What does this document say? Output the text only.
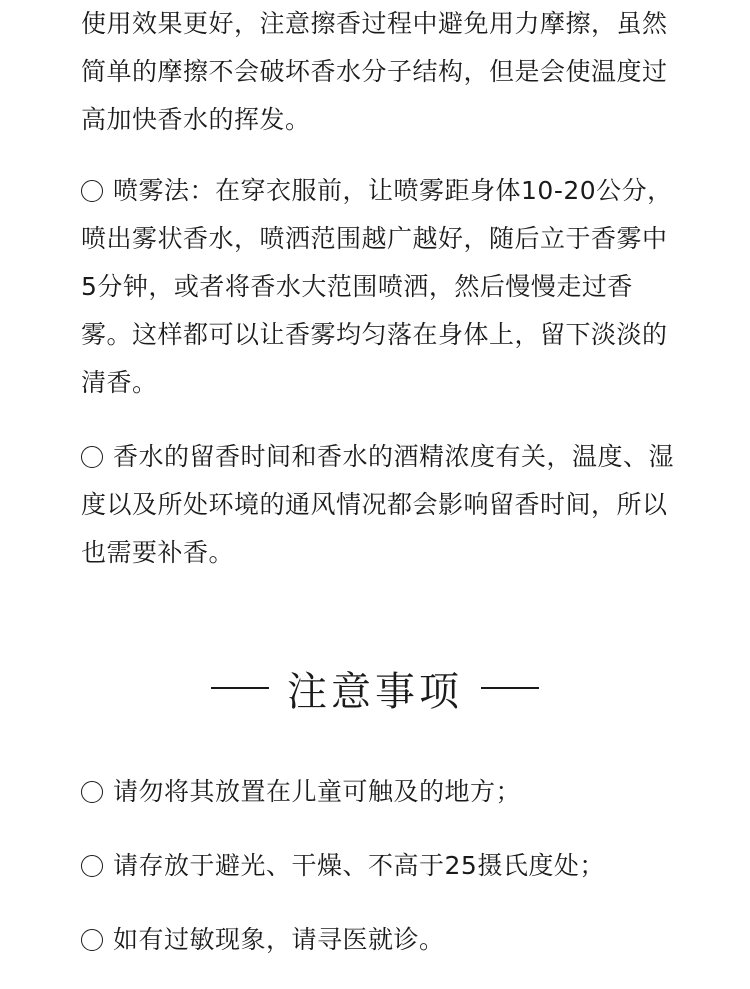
使用效果更好，注意擦香过程中避免用力摩擦，虽然简单的摩擦不会破坏香水分子结构，但是会使温度过高加快香水的挥发。
喷雾法：在穿衣服前，让喷雾距身体10-20公分，喷出雾状香水，喷洒范围越广越好，随后立于香雾中5分钟，或者将香水大范围喷洒，然后慢慢走过香雾。这样都可以让香雾均匀落在身体上，留下淡淡的清香。
香水的留香时间和香水的酒精浓度有关，温度、湿度以及所处环境的通风情况都会影响留香时间，所以也需要补香。
注意事项
请勿将其放置在儿童可触及的地方；
请存放于避光、干燥、不高于25摄氏度处；
如有过敏现象，请寻医就诊。
